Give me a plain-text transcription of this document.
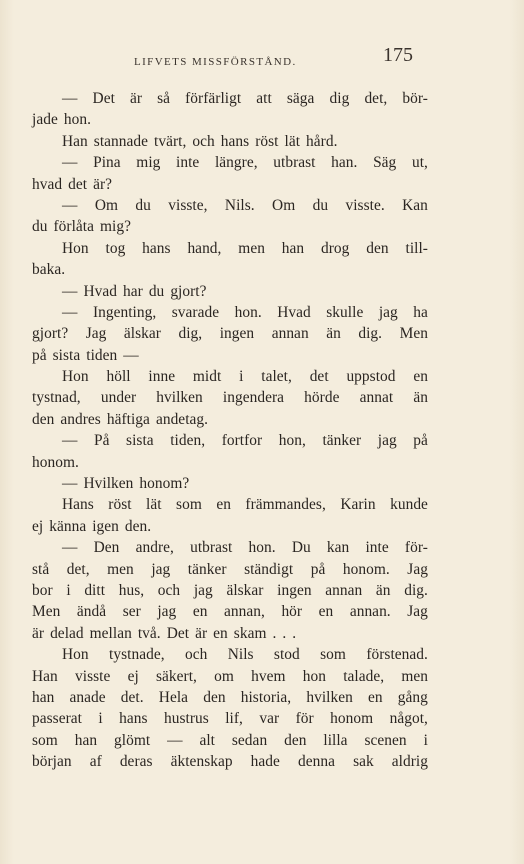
LIFVETS MISSFÖRSTÅND.	175
— Det är så förfärligt att säga dig det, bör-
jade hon.
Han stannade tvärt, och hans röst lät hård.
— Pina mig inte längre, utbrast han. Säg ut,
hvad det är?
— Om du visste, Nils. Om du visste. Kan
du förlåta mig?
Hon tog hans hand, men han drog den till-
baka.
— Hvad har du gjort?
— Ingenting, svarade hon. Hvad skulle jag ha
gjort? Jag älskar dig, ingen annan än dig. Men
på sista tiden —
Hon höll inne midt i talet, det uppstod en
tystnad, under hvilken ingendera hörde annat än
den andres häftiga andetag.
— På sista tiden, fortfor hon, tänker jag på
honom.
— Hvilken honom?
Hans röst lät som en främmandes, Karin kunde
ej känna igen den.
— Den andre, utbrast hon. Du kan inte för-
stå det, men jag tänker ständigt på honom. Jag
bor i ditt hus, och jag älskar ingen annan än dig.
Men ändå ser jag en annan, hör en annan. Jag
är delad mellan två. Det är en skam . . .
Hon tystnade, och Nils stod som förstenad.
Han visste ej säkert, om hvem hon talade, men
han anade det. Hela den historia, hvilken en gång
passerat i hans hustrus lif, var för honom något,
som han glömt — alt sedan den lilla scenen i
början af deras äktenskap hade denna sak aldrig
